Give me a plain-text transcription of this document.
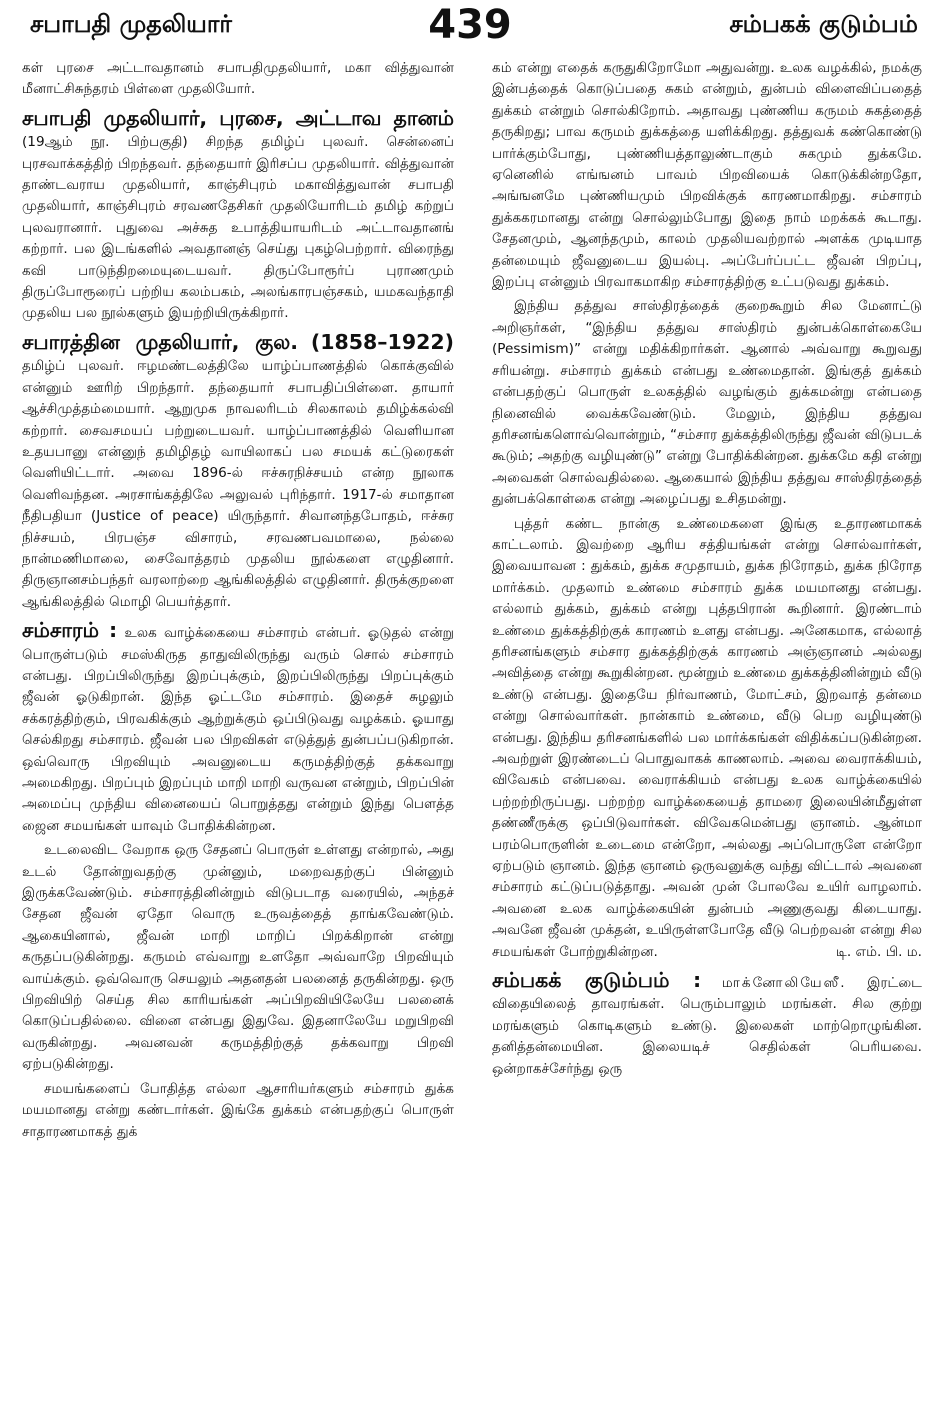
சபாபதி முதலியார்	439	சம்பகக் குடும்பம்

கள் புரசை அட்டாவதானம் சபாபதிமுதலியார், மகா வித்துவான் மீனாட்சிசுந்தரம் பிள்ளை முதலியோர்.

சபாபதி முதலியார், புரசை, அட்டாவ தானம் (19ஆம் நூ. பிற்பகுதி) சிறந்த தமிழ்ப் புலவர். சென்னைப் புரசவாக்கத்திற் பிறந்தவர். தந்தையார் இரிசப்ப முதலியார். வித்துவான் தாண்டவராய முதலியார், காஞ்சிபுரம் மகாவித்துவான் சபாபதி முதலியார், காஞ்சிபுரம் சரவணதேசிகர் முதலியோரிடம் தமிழ் கற்றுப் புலவரானார். புதுவை அச்சுத உபாத்தியாயரிடம் அட்டாவதானங் கற்றார். பல இடங்களில் அவதானஞ் செய்து புகழ்பெற்றார். விரைந்து கவி பாடுந்திறமையுடையவர். திருப்போரூர்ப் புராணமும் திருப்போரூரைப் பற்றிய கலம்பகம், அலங்காரபஞ்சகம், யமகவந்தாதி முதலிய பல நூல்களும் இயற்றியிருக்கிறார்.

சபாரத்தின முதலியார், குல. (1858–1922) தமிழ்ப் புலவர். ஈழமண்டலத்திலே யாழ்ப்பாணத்தில் கொக்குவில் என்னும் ஊரிற் பிறந்தார். தந்தையார் சபாபதிப்பிள்ளை. தாயார் ஆச்சிமுத்தம்மையார். ஆறுமுக நாவலரிடம் சிலகாலம் தமிழ்க்கல்வி கற்றார். சைவசமயப் பற்றுடையவர். யாழ்ப்பாணத்தில் வெளியான உதயபானு என்னுந் தமிழிதழ் வாயிலாகப் பல சமயக் கட்டுரைகள் வெளியிட்டார். அவை 1896-ல் ஈச்சுரநிச்சயம் என்ற நூலாக வெளிவந்தன. அரசாங்கத்திலே அலுவல் புரிந்தார். 1917-ல் சமாதான நீதிபதியா (Justice of peace) யிருந்தார். சிவானந்தபோதம், ஈச்சுர நிச்சயம், பிரபஞ்ச விசாரம், சரவணபவமாலை, நல்லை நான்மணிமாலை, சைவோத்தரம் முதலிய நூல்களை எழுதினார். திருஞானசம்பந்தர் வரலாற்றை ஆங்கிலத்தில் எழுதினார். திருக்குறளை ஆங்கிலத்தில் மொழி பெயர்த்தார்.

சம்சாரம் : உலக வாழ்க்கையை சம்சாரம் என்பர். ஓடுதல் என்று பொருள்படும் சமஸ்கிருத தாதுவிலிருந்து வரும் சொல் சம்சாரம் என்பது. பிறப்பிலிருந்து இறப்புக்கும், இறப்பிலிருந்து பிறப்புக்கும் ஜீவன் ஓடுகிறான். இந்த ஓட்டமே சம்சாரம். இதைச் சுழலும் சக்கரத்திற்கும், பிரவகிக்கும் ஆற்றுக்கும் ஒப்பிடுவது வழக்கம். ஓயாது செல்கிறது சம்சாரம். ஜீவன் பல பிறவிகள் எடுத்துத் துன்பப்படுகிறான். ஒவ்வொரு பிறவியும் அவனுடைய கருமத்திற்குத் தக்கவாறு அமைகிறது. பிறப்பும் இறப்பும் மாறி மாறி வருவன என்றும், பிறப்பின் அமைப்பு முந்திய வினையைப் பொறுத்தது என்றும் இந்து பௌத்த ஜைன சமயங்கள் யாவும் போதிக்கின்றன.

உடலைவிட வேறாக ஒரு சேதனப் பொருள் உள்ளது என்றால், அது உடல் தோன்றுவதற்கு முன்னும், மறைவதற்குப் பின்னும் இருக்கவேண்டும். சம்சாரத்தினின்றும் விடுபடாத வரையில், அந்தச் சேதன ஜீவன் ஏதோ வொரு உருவத்தைத் தாங்கவேண்டும். ஆகையினால், ஜீவன் மாறி மாறிப் பிறக்கிறான் என்று கருதப்படுகின்றது. கருமம் எவ்வாறு உளதோ அவ்வாறே பிறவியும் வாய்க்கும். ஒவ்வொரு செயலும் அதனதன் பலனைத் தருகின்றது. ஒரு பிறவியிற் செய்த சில காரியங்கள் அப்பிறவியிலேயே பலனைக் கொடுப்பதில்லை. வினை என்பது இதுவே. இதனாலேயே மறுபிறவி வருகின்றது. அவனவன் கருமத்திற்குத் தக்கவாறு பிறவி ஏற்படுகின்றது.

சமயங்களைப் போதித்த எல்லா ஆசாரியர்களும் சம்சாரம் துக்க மயமானது என்று கண்டார்கள். இங்கே துக்கம் என்பதற்குப் பொருள் சாதாரணமாகத் துக்

கம் என்று எதைக் கருதுகிறோமோ அதுவன்று. உலக வழக்கில், நமக்கு இன்பத்தைக் கொடுப்பதை சுகம் என்றும், துன்பம் விளைவிப்பதைத் துக்கம் என்றும் சொல்கிறோம். அதாவது புண்ணிய கருமம் சுகத்தைத் தருகிறது; பாவ கருமம் துக்கத்தை யளிக்கிறது. தத்துவக் கண்கொண்டு பார்க்கும்போது, புண்ணியத்தாலுண்டாகும் சுகமும் துக்கமே. ஏனெனில் எங்ஙனம் பாவம் பிறவியைக் கொடுக்கின்றதோ, அங்ஙனமே புண்ணியமும் பிறவிக்குக் காரணமாகிறது. சம்சாரம் துக்ககரமானது என்று சொல்லும்போது இதை நாம் மறக்கக் கூடாது. சேதனமும், ஆனந்தமும், காலம் முதலியவற்றால் அளக்க முடியாத தன்மையும் ஜீவனுடைய இயல்பு. அப்பேர்ப்பட்ட ஜீவன் பிறப்பு, இறப்பு என்னும் பிரவாகமாகிற சம்சாரத்திற்கு உட்படுவது துக்கம்.

இந்திய தத்துவ சாஸ்திரத்தைக் குறைகூறும் சில மேனாட்டு அறிஞர்கள், “இந்திய தத்துவ சாஸ்திரம் துன்பக்கொள்கையே (Pessimism)” என்று மதிக்கிறார்கள். ஆனால் அவ்வாறு கூறுவது சரியன்று. சம்சாரம் துக்கம் என்பது உண்மைதான். இங்குத் துக்கம் என்பதற்குப் பொருள் உலகத்தில் வழங்கும் துக்கமன்று என்பதை நினைவில் வைக்கவேண்டும். மேலும், இந்திய தத்துவ தரிசனங்களொவ்வொன்றும், “சம்சார துக்கத்திலிருந்து ஜீவன் விடுபடக் கூடும்; அதற்கு வழியுண்டு” என்று போதிக்கின்றன. துக்கமே கதி என்று அவைகள் சொல்வதில்லை. ஆகையால் இந்திய தத்துவ சாஸ்திரத்தைத் துன்பக்கொள்கை என்று அழைப்பது உசிதமன்று.

புத்தர் கண்ட நான்கு உண்மைகளை இங்கு உதாரணமாகக் காட்டலாம். இவற்றை ஆரிய சத்தியங்கள் என்று சொல்வார்கள், இவையாவன : துக்கம், துக்க சமுதாயம், துக்க நிரோதம், துக்க நிரோத மார்க்கம். முதலாம் உண்மை சம்சாரம் துக்க மயமானது என்பது. எல்லாம் துக்கம், துக்கம் என்று புத்தபிரான் கூறினார். இரண்டாம் உண்மை துக்கத்திற்குக் காரணம் உளது என்பது. அனேகமாக, எல்லாத் தரிசனங்களும் சம்சார துக்கத்திற்குக் காரணம் அஞ்ஞானம் அல்லது அவித்தை என்று கூறுகின்றன. மூன்றும் உண்மை துக்கத்தினின்றும் வீடு உண்டு என்பது. இதையே நிர்வாணம், மோட்சம், இறவாத் தன்மை என்று சொல்வார்கள். நான்காம் உண்மை, வீடு பெற வழியுண்டு என்பது. இந்திய தரிசனங்களில் பல மார்க்கங்கள் விதிக்கப்படுகின்றன. அவற்றுள் இரண்டைப் பொதுவாகக் காணலாம். அவை வைராக்கியம், விவேகம் என்பவை. வைராக்கியம் என்பது உலக வாழ்க்கையில் பற்றற்றிருப்பது. பற்றற்ற வாழ்க்கையைத் தாமரை இலையின்மீதுள்ள தண்ணீருக்கு ஒப்பிடுவார்கள். விவேகமென்பது ஞானம். ஆன்மா பரம்பொருளின் உடைமை என்றோ, அல்லது அப்பொருளே என்றோ ஏற்படும் ஞானம். இந்த ஞானம் ஒருவனுக்கு வந்து விட்டால் அவனை சம்சாரம் கட்டுப்படுத்தாது. அவன் முன் போலவே உயிர் வாழலாம். அவனை உலக வாழ்க்கையின் துன்பம் அணுகுவது கிடையாது. அவனே ஜீவன் முக்தன், உயிருள்ளபோதே வீடு பெற்றவன் என்று சில சமயங்கள் போற்றுகின்றன.	டி. எம். பி. ம.

சம்பகக் குடும்பம் : மாக்னோலியேஸீ. இரட்டை விதையிலைத் தாவரங்கள். பெரும்பாலும் மரங்கள். சில குற்று மரங்களும் கொடிகளும் உண்டு. இலைகள் மாற்றொழுங்கின. தனித்தன்மையின. இலையடிச் செதில்கள் பெரியவை. ஒன்றாகச்சேர்ந்து ஒரு
